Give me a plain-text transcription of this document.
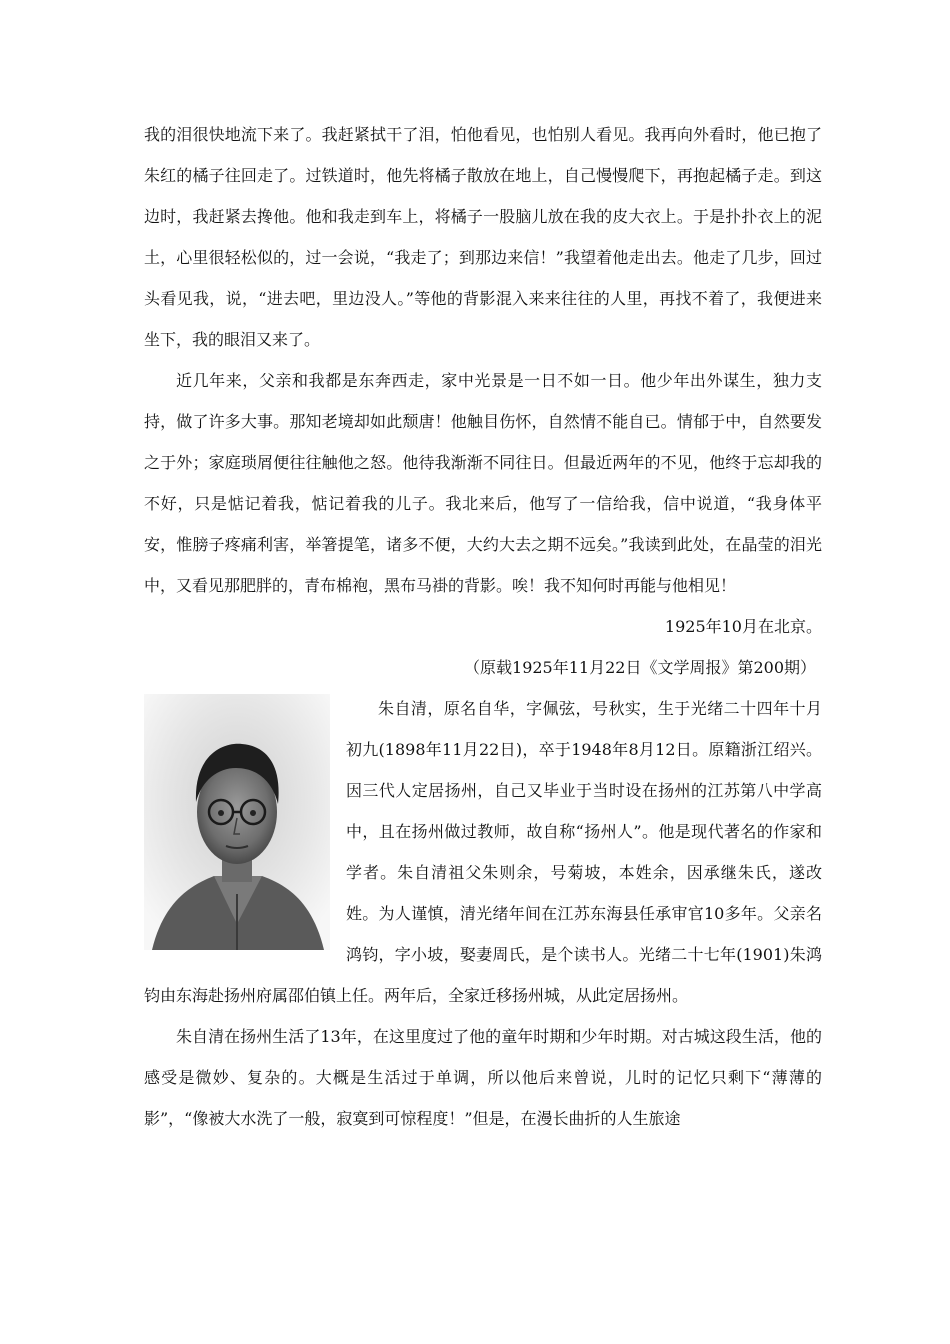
我的泪很快地流下来了。我赶紧拭干了泪，怕他看见，也怕别人看见。我再向外看时，他已抱了朱红的橘子往回走了。过铁道时，他先将橘子散放在地上，自己慢慢爬下，再抱起橘子走。到这边时，我赶紧去搀他。他和我走到车上，将橘子一股脑儿放在我的皮大衣上。于是扑扑衣上的泥土，心里很轻松似的，过一会说，“我走了；到那边来信！”我望着他走出去。他走了几步，回过头看见我，说，“进去吧，里边没人。”等他的背影混入来来往往的人里，再找不着了，我便进来坐下，我的眼泪又来了。

近几年来，父亲和我都是东奔西走，家中光景是一日不如一日。他少年出外谋生，独力支持，做了许多大事。那知老境却如此颓唐！他触目伤怀，自然情不能自已。情郁于中，自然要发之于外；家庭琐屑便往往触他之怒。他待我渐渐不同往日。但最近两年的不见，他终于忘却我的不好，只是惦记着我，惦记着我的儿子。我北来后，他写了一信给我，信中说道，“我身体平安，惟膀子疼痛利害，举箸提笔，诸多不便，大约大去之期不远矣。”我读到此处，在晶莹的泪光中，又看见那肥胖的，青布棉袍，黑布马褂的背影。唉！我不知何时再能与他相见！

1925年10月在北京。

（原载1925年11月22日《文学周报》第200期）

朱自清，原名自华，字佩弦，号秋实，生于光绪二十四年十月初九(1898年11月22日)，卒于1948年8月12日。原籍浙江绍兴。因三代人定居扬州，自己又毕业于当时设在扬州的江苏第八中学高中，且在扬州做过教师，故自称“扬州人”。他是现代著名的作家和学者。朱自清祖父朱则余，号菊坡，本姓余，因承继朱氏，遂改姓。为人谨慎，清光绪年间在江苏东海县任承审官10多年。父亲名鸿钧，字小坡，娶妻周氏，是个读书人。光绪二十七年(1901)朱鸿钧由东海赴扬州府属邵伯镇上任。两年后，全家迁移扬州城，从此定居扬州。

朱自清在扬州生活了13年，在这里度过了他的童年时期和少年时期。对古城这段生活，他的感受是微妙、复杂的。大概是生活过于单调，所以他后来曾说，儿时的记忆只剩下“薄薄的影”，“像被大水洗了一般，寂寞到可惊程度！”但是，在漫长曲折的人生旅途
